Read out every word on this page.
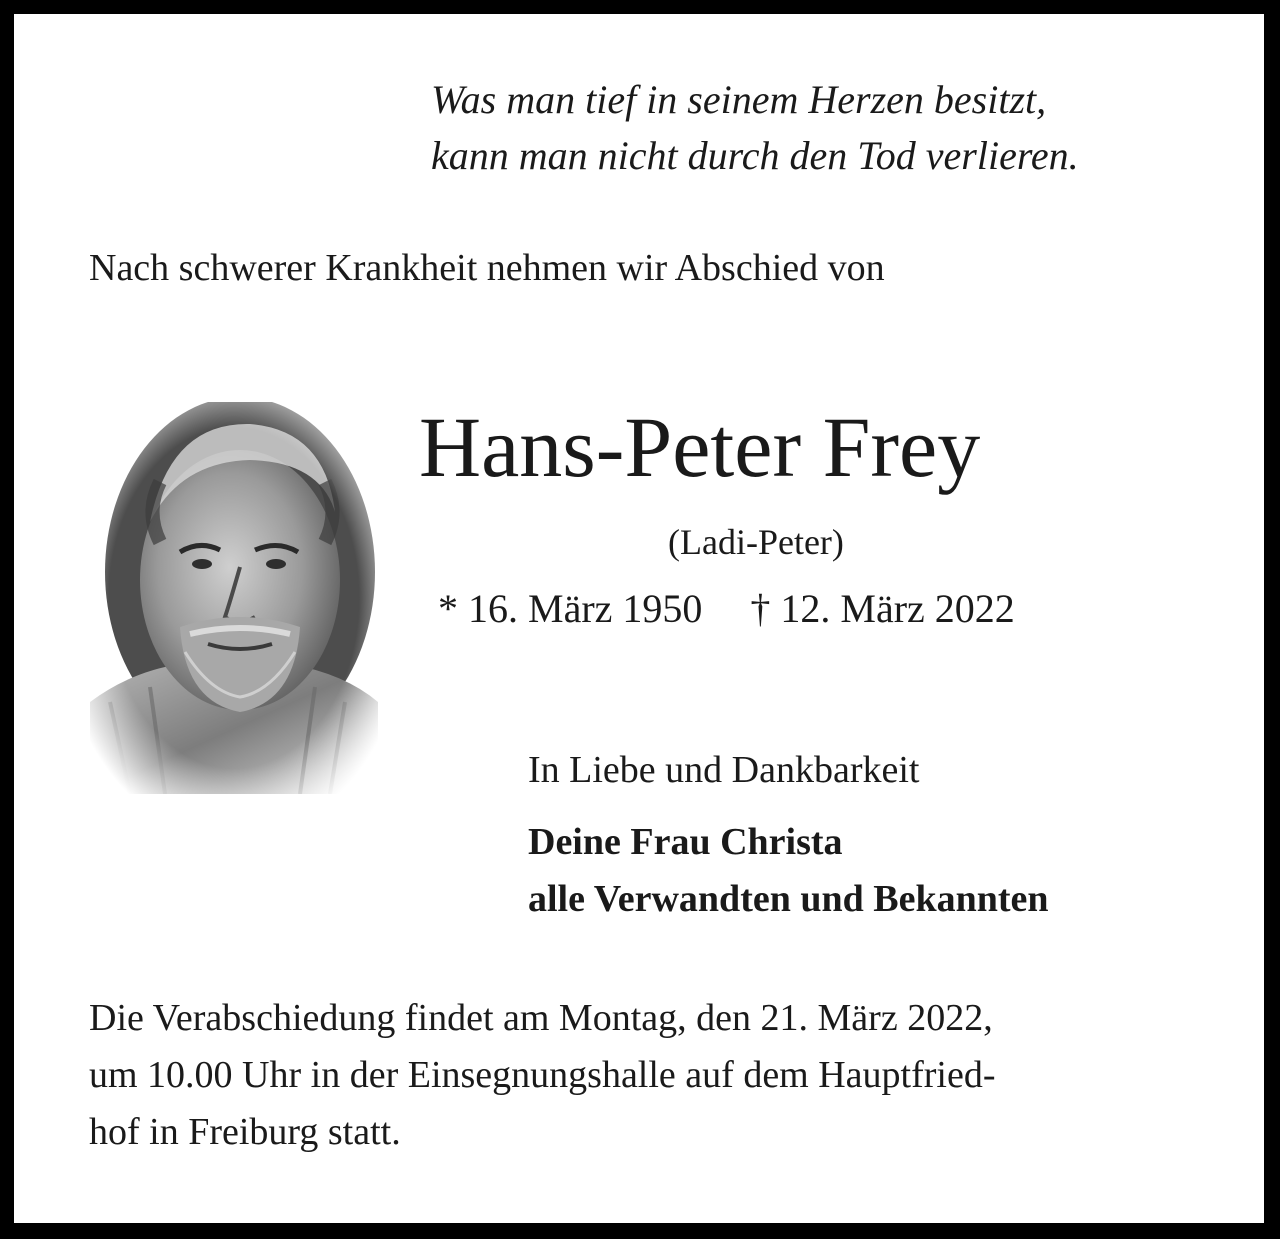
Was man tief in seinem Herzen besitzt,
kann man nicht durch den Tod verlieren.
Nach schwerer Krankheit nehmen wir Abschied von
Hans-Peter Frey
(Ladi-Peter)
* 16. März 1950 † 12. März 2022
In Liebe und Dankbarkeit
Deine Frau Christa
alle Verwandten und Bekannten
Die Verabschiedung findet am Montag, den 21. März 2022,
um 10.00 Uhr in der Einsegnungshalle auf dem Hauptfried-
hof in Freiburg statt.
